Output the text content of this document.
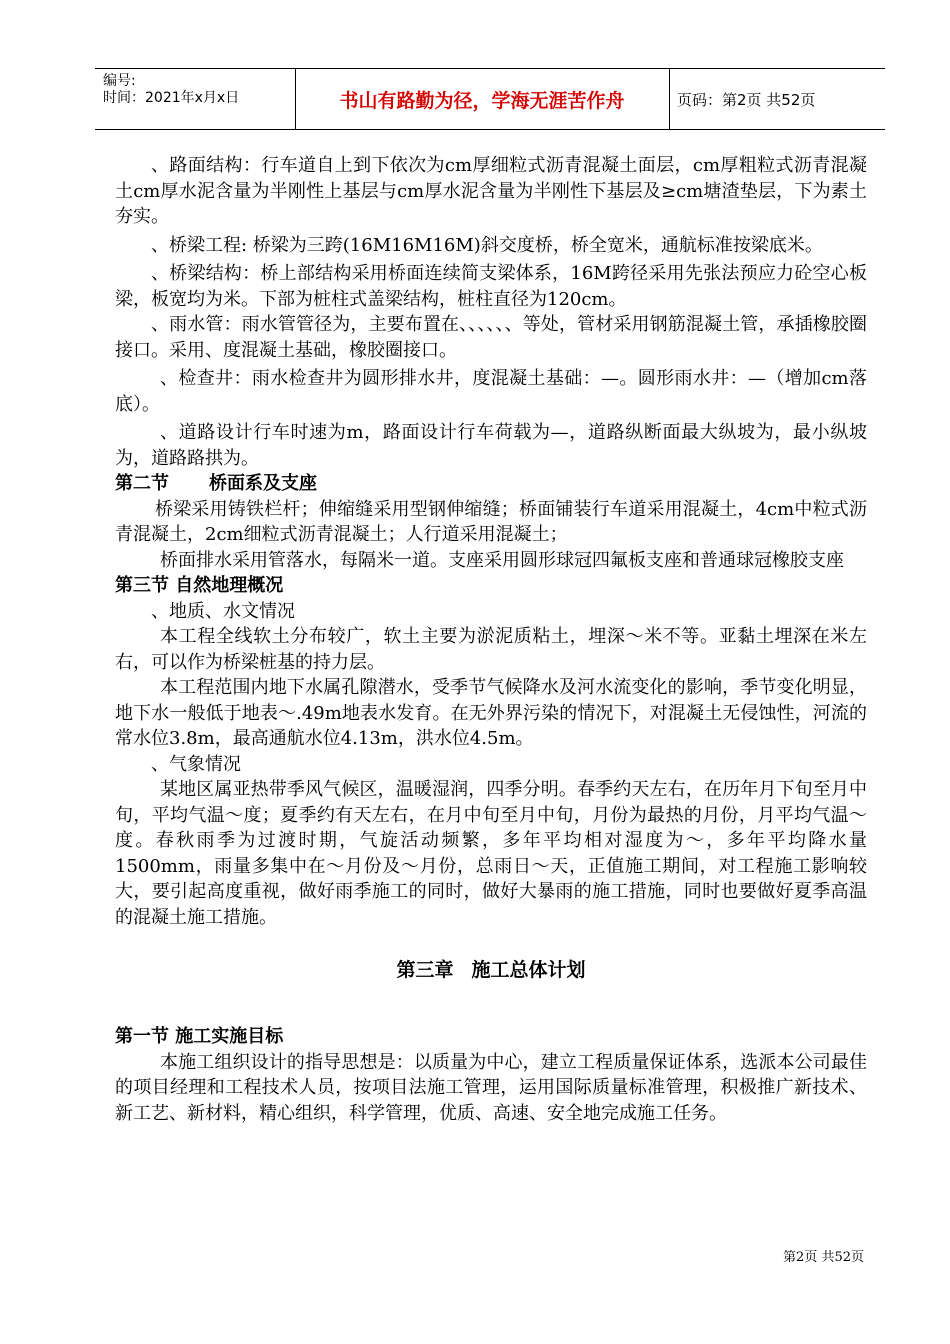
编号:
时间：2021年x月x日	书山有路勤为径，学海无涯苦作舟	页码：第2页 共52页

、路面结构：行车道自上到下依次为cm厚细粒式沥青混凝土面层，cm厚粗粒式沥青混凝土cm厚水泥含量为半刚性上基层与cm厚水泥含量为半刚性下基层及≥cm塘渣垫层，下为素土夯实。

、桥梁工程: 桥梁为三跨(16M16M16M)斜交度桥，桥全宽米，通航标准按梁底米。

、桥梁结构：桥上部结构采用桥面连续简支梁体系，16M跨径采用先张法预应力砼空心板梁，板宽均为米。下部为桩柱式盖梁结构，桩柱直径为120cm。

、雨水管：雨水管管径为，主要布置在、、、、、、等处，管材采用钢筋混凝土管，承插橡胶圈接口。采用、度混凝土基础，橡胶圈接口。

、检查井：雨水检查井为圆形排水井，度混凝土基础：—。圆形雨水井：—（增加cm落底）。

、道路设计行车时速为m，路面设计行车荷载为—，道路纵断面最大纵坡为，最小纵坡为，道路路拱为。

第二节 桥面系及支座

桥梁采用铸铁栏杆；伸缩缝采用型钢伸缩缝；桥面铺装行车道采用混凝土，4cm中粒式沥青混凝土，2cm细粒式沥青混凝土；人行道采用混凝土；

桥面排水采用管落水，每隔米一道。支座采用圆形球冠四氟板支座和普通球冠橡胶支座

第三节 自然地理概况

、地质、水文情况

本工程全线软土分布较广，软土主要为淤泥质粘土，埋深～米不等。亚黏土埋深在米左右，可以作为桥梁桩基的持力层。

本工程范围内地下水属孔隙潜水，受季节气候降水及河水流变化的影响，季节变化明显，地下水一般低于地表～.49m地表水发育。在无外界污染的情况下，对混凝土无侵蚀性，河流的常水位3.8m，最高通航水位4.13m，洪水位4.5m。

、气象情况

某地区属亚热带季风气候区，温暖湿润，四季分明。春季约天左右，在历年月下旬至月中旬，平均气温～度；夏季约有天左右，在月中旬至月中旬，月份为最热的月份，月平均气温～度。春秋雨季为过渡时期，气旋活动频繁，多年平均相对湿度为～，多年平均降水量1500mm，雨量多集中在～月份及～月份，总雨日～天，正值施工期间，对工程施工影响较大，要引起高度重视，做好雨季施工的同时，做好大暴雨的施工措施，同时也要做好夏季高温的混凝土施工措施。

第三章 施工总体计划

第一节 施工实施目标

本施工组织设计的指导思想是：以质量为中心，建立工程质量保证体系，选派本公司最佳的项目经理和工程技术人员，按项目法施工管理，运用国际质量标准管理，积极推广新技术、新工艺、新材料，精心组织，科学管理，优质、高速、安全地完成施工任务。

第2页 共52页
